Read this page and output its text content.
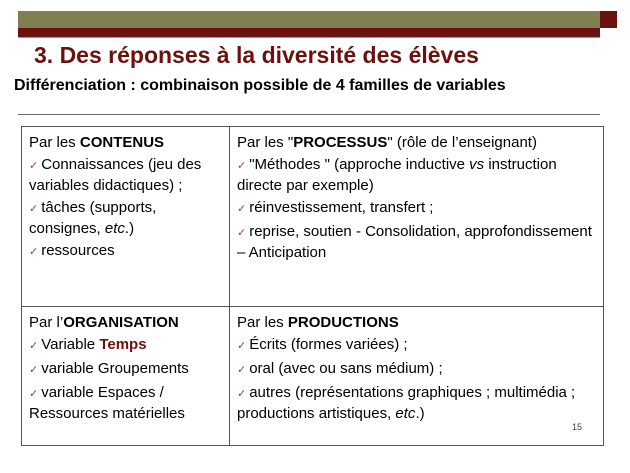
3. Des réponses à la diversité des élèves

Différenciation : combinaison possible de 4 familles de variables

Par les CONTENUS

✓ Connaissances (jeu des variables didactiques) ;

✓ tâches (supports, consignes, etc.)

✓ ressources

Par les "PROCESSUS" (rôle de l’enseignant)

✓ "Méthodes " (approche inductive vs instruction directe par exemple)

✓ réinvestissement, transfert ;

✓ reprise, soutien - Consolidation, approfondissement – Anticipation

Par l’ORGANISATION

✓ Variable Temps

✓ variable Groupements

✓ variable Espaces / Ressources matérielles

Par les PRODUCTIONS

✓ Écrits (formes variées) ;

✓ oral (avec ou sans médium) ;

✓ autres (représentations graphiques ; multimédia ; productions artistiques, etc.)

15
